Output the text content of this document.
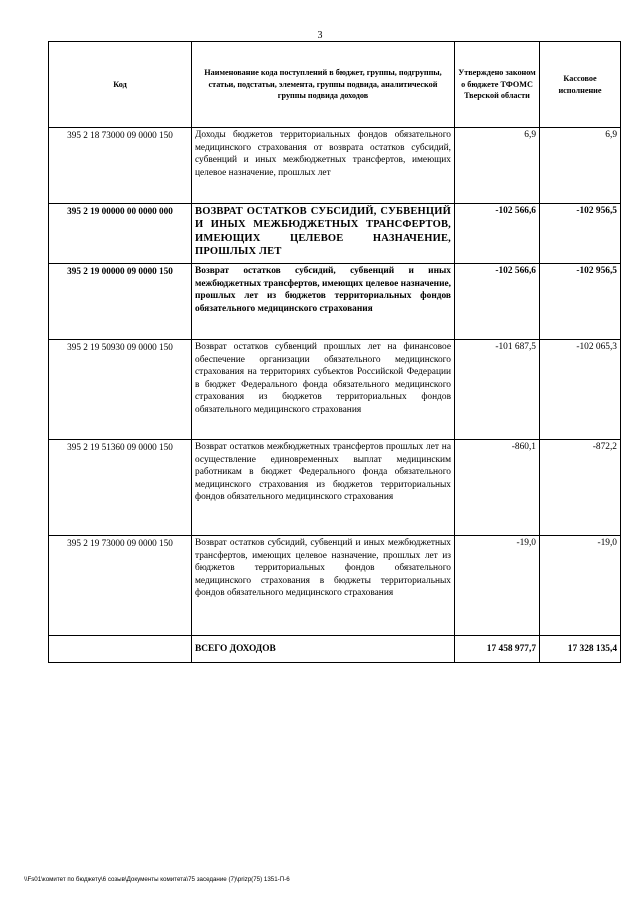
3
Код	Наименование кода поступлений в бюджет, группы, подгруппы, статьи, подстатьи, элемента, группы подвида, аналитической группы подвида доходов	Утверждено законом о бюджете ТФОМС Тверской области	Кассовое исполнение
395 2 18 73000 09 0000 150	Доходы бюджетов территориальных фондов обязательного медицинского страхования от возврата остатков субсидий, субвенций и иных межбюджетных трансфертов, имеющих целевое назначение, прошлых лет	6,9	6,9
395 2 19 00000 00 0000 000	ВОЗВРАТ ОСТАТКОВ СУБСИДИЙ, СУБВЕНЦИЙ И ИНЫХ МЕЖБЮДЖЕТНЫХ ТРАНСФЕРТОВ, ИМЕЮЩИХ ЦЕЛЕВОЕ НАЗНАЧЕНИЕ, ПРОШЛЫХ ЛЕТ	-102 566,6	-102 956,5
395 2 19 00000 09 0000 150	Возврат остатков субсидий, субвенций и иных межбюджетных трансфертов, имеющих целевое назначение, прошлых лет из бюджетов территориальных фондов обязательного медицинского страхования	-102 566,6	-102 956,5
395 2 19 50930 09 0000 150	Возврат остатков субвенций прошлых лет на финансовое обеспечение организации обязательного медицинского страхования на территориях субъектов Российской Федерации в бюджет Федерального фонда обязательного медицинского страхования из бюджетов территориальных фондов обязательного медицинского страхования	-101 687,5	-102 065,3
395 2 19 51360 09 0000 150	Возврат остатков межбюджетных трансфертов прошлых лет на осуществление единовременных выплат медицинским работникам в бюджет Федерального фонда обязательного медицинского страхования из бюджетов территориальных фондов обязательного медицинского страхования	-860,1	-872,2
395 2 19 73000 09 0000 150	Возврат остатков субсидий, субвенций и иных межбюджетных трансфертов, имеющих целевое назначение, прошлых лет из бюджетов территориальных фондов обязательного медицинского страхования в бюджеты территориальных фондов обязательного медицинского страхования	-19,0	-19,0
	ВСЕГО ДОХОДОВ	17 458 977,7	17 328 135,4
\\Fs01\комитет по бюджету\6 созыв\Документы комитета\75 заседание (7)\prizp(75) 1351-П-6
